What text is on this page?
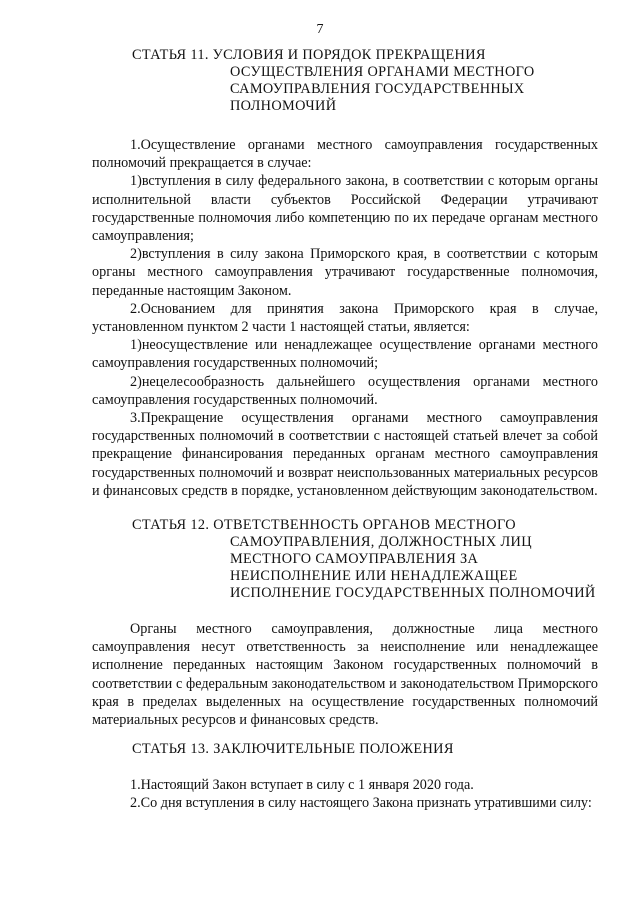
7
СТАТЬЯ 11. УСЛОВИЯ И ПОРЯДОК ПРЕКРАЩЕНИЯ
ОСУЩЕСТВЛЕНИЯ ОРГАНАМИ МЕСТНОГО
САМОУПРАВЛЕНИЯ ГОСУДАРСТВЕННЫХ
ПОЛНОМОЧИЙ

1.Осуществление органами местного самоуправления государственных полномочий прекращается в случае:

1)вступления в силу федерального закона, в соответствии с которым органы исполнительной власти субъектов Российской Федерации утрачивают государственные полномочия либо компетенцию по их передаче органам местного самоуправления;

2)вступления в силу закона Приморского края, в соответствии с которым органы местного самоуправления утрачивают государственные полномочия, переданные настоящим Законом.

2.Основанием для принятия закона Приморского края в случае, установленном пунктом 2 части 1 настоящей статьи, является:

1)неосуществление или ненадлежащее осуществление органами местного самоуправления государственных полномочий;

2)нецелесообразность дальнейшего осуществления органами местного самоуправления государственных полномочий.

3.Прекращение осуществления органами местного самоуправления государственных полномочий в соответствии с настоящей статьей влечет за собой прекращение финансирования переданных органам местного самоуправления государственных полномочий и возврат неиспользованных материальных ресурсов и финансовых средств в порядке, установленном действующим законодательством.

СТАТЬЯ 12. ОТВЕТСТВЕННОСТЬ ОРГАНОВ МЕСТНОГО
САМОУПРАВЛЕНИЯ, ДОЛЖНОСТНЫХ ЛИЦ
МЕСТНОГО САМОУПРАВЛЕНИЯ ЗА
НЕИСПОЛНЕНИЕ ИЛИ НЕНАДЛЕЖАЩЕЕ
ИСПОЛНЕНИЕ ГОСУДАРСТВЕННЫХ ПОЛНОМОЧИЙ

Органы местного самоуправления, должностные лица местного самоуправления несут ответственность за неисполнение или ненадлежащее исполнение переданных настоящим Законом государственных полномочий в соответствии с федеральным законодательством и законодательством Приморского края в пределах выделенных на осуществление государственных полномочий материальных ресурсов и финансовых средств.

СТАТЬЯ 13. ЗАКЛЮЧИТЕЛЬНЫЕ ПОЛОЖЕНИЯ

1.Настоящий Закон вступает в силу с 1 января 2020 года.

2.Со дня вступления в силу настоящего Закона признать утратившими силу:
